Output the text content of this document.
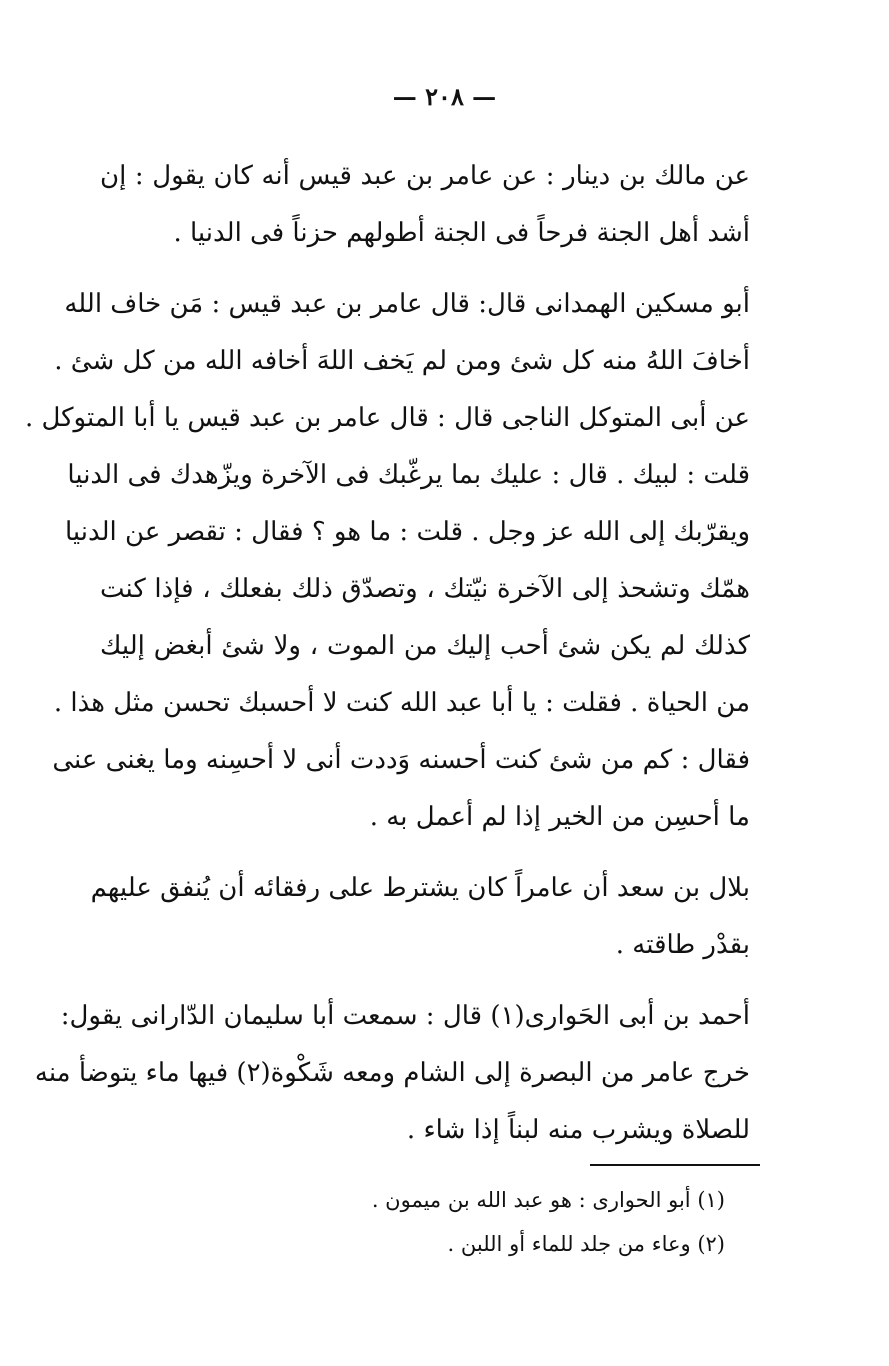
— ٢٠٨ —
عن مالك بن دينار : عن عامر بن عبد قيس أنه كان يقول : إن
أشد أهل الجنة فرحاً فى الجنة أطولهم حزناً فى الدنيا .
أبو مسكين الهمدانى قال: قال عامر بن عبد قيس : مَن خاف الله
أخافَ اللهُ منه كل شئ ومن لم يَخف اللهَ أخافه الله من كل شئ .
عن أبى المتوكل الناجى قال : قال عامر بن عبد قيس يا أبا المتوكل .
قلت : لبيك . قال : عليك بما يرغّبك فى الآخرة ويزّهدك فى الدنيا
ويقرّبك إلى الله عز وجل . قلت : ما هو ؟ فقال : تقصر عن الدنيا
همّك وتشحذ إلى الآخرة نيّتك ، وتصدّق ذلك بفعلك ، فإذا كنت
كذلك لم يكن شئ أحب إليك من الموت ، ولا شئ أبغض إليك
من الحياة . فقلت : يا أبا عبد الله كنت لا أحسبك تحسن مثل هذا .
فقال : كم من شئ كنت أحسنه وَددت أنى لا أحسِنه وما يغنى عنى
ما أحسِن من الخير إذا لم أعمل به .
بلال بن سعد أن عامراً كان يشترط على رفقائه أن يُنفق عليهم
بقدْر طاقته .
أحمد بن أبى الحَوارى(١) قال : سمعت أبا سليمان الدّارانى يقول:
خرج عامر من البصرة إلى الشام ومعه شَكْوة(٢) فيها ماء يتوضأ منه
للصلاة ويشرب منه لبناً إذا شاء .
(١) أبو الحوارى : هو عبد الله بن ميمون .
(٢) وعاء من جلد للماء أو اللبن .
